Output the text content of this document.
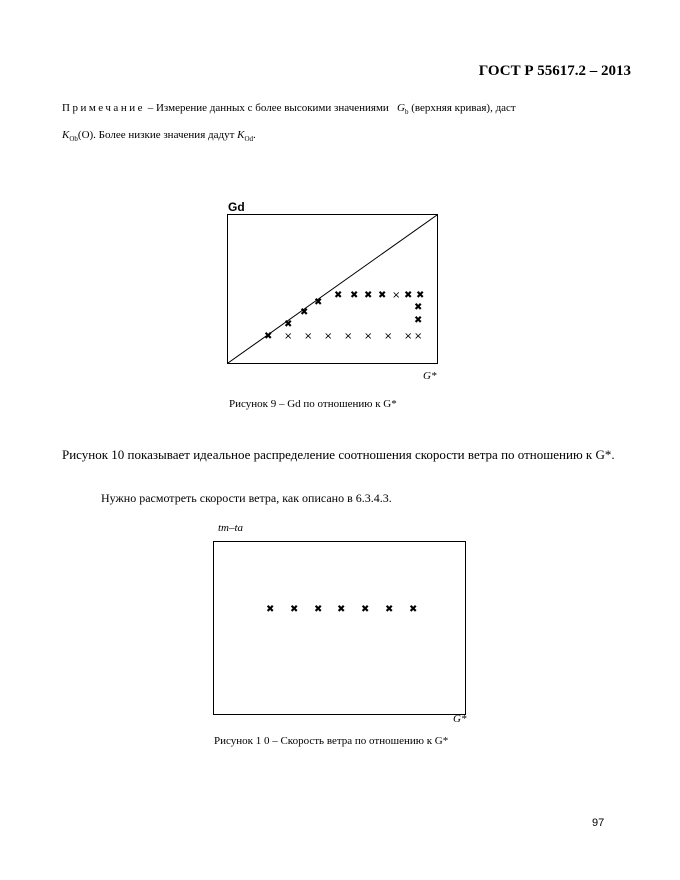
ГОСТ Р 55617.2 – 2013
Примечание – Измерение данных с более высокими значениями $G_b$ (верхняя кривая), даст
$K_{Ob}(O)$. Более низкие значения дадут $K_{Od}$.
Gd
✖ × × × × × × × ×
✖
✖
✖
✖ ✖ ✖ ✖ × ✖ ✖
✖
✖
G*
Рисунок 9 – Gd по отношению к G*
Рисунок 10 показывает идеальное распределение соотношения скорости ветра по отношению к G*.
Нужно расмотреть скорости ветра, как описано в 6.3.4.3.
tm–ta
✖ ✖ ✖ ✖ ✖ ✖ ✖
G*
Рисунок 1 0 – Скорость ветра по отношению к G*
97
